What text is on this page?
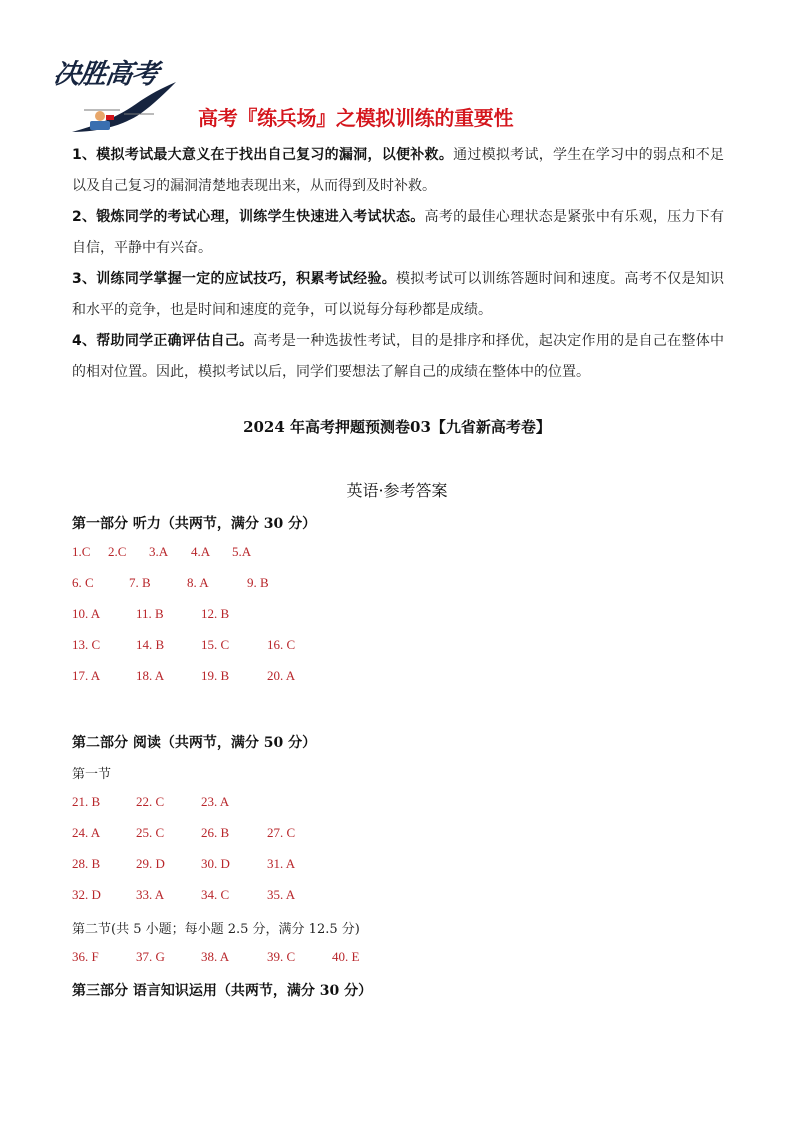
决胜高考
高考『练兵场』之模拟训练的重要性

1、模拟考试最大意义在于找出自己复习的漏洞，以便补救。通过模拟考试，学生在学习中的弱点和不足以及自己复习的漏洞清楚地表现出来，从而得到及时补救。

2、锻炼同学的考试心理，训练学生快速进入考试状态。高考的最佳心理状态是紧张中有乐观，压力下有自信，平静中有兴奋。

3、训练同学掌握一定的应试技巧，积累考试经验。模拟考试可以训练答题时间和速度。高考不仅是知识和水平的竞争，也是时间和速度的竞争，可以说每分每秒都是成绩。

4、帮助同学正确评估自己。高考是一种选拔性考试，目的是排序和择优，起决定作用的是自己在整体中的相对位置。因此，模拟考试以后，同学们要想法了解自己的成绩在整体中的位置。

2024 年高考押题预测卷03【九省新高考卷】
英语·参考答案
第一部分 听力（共两节，满分 30 分）
1.C 2.C 3.A 4.A 5.A
6. C	7. B	8. A	9. B
10. A	11. B	12. B
13. C	14. B	15. C	16. C
17. A	18. A	19. B	20. A
第二部分 阅读（共两节，满分 50 分）
第一节
21. B	22. C	23. A
24. A	25. C	26. B	27. C
28. B	29. D	30. D	31. A
32. D	33. A	34. C	35. A
第二节(共 5 小题；每小题 2.5 分，满分 12.5 分)
36. F	37. G	38. A	39. C	40. E
第三部分 语言知识运用（共两节，满分 30 分）
